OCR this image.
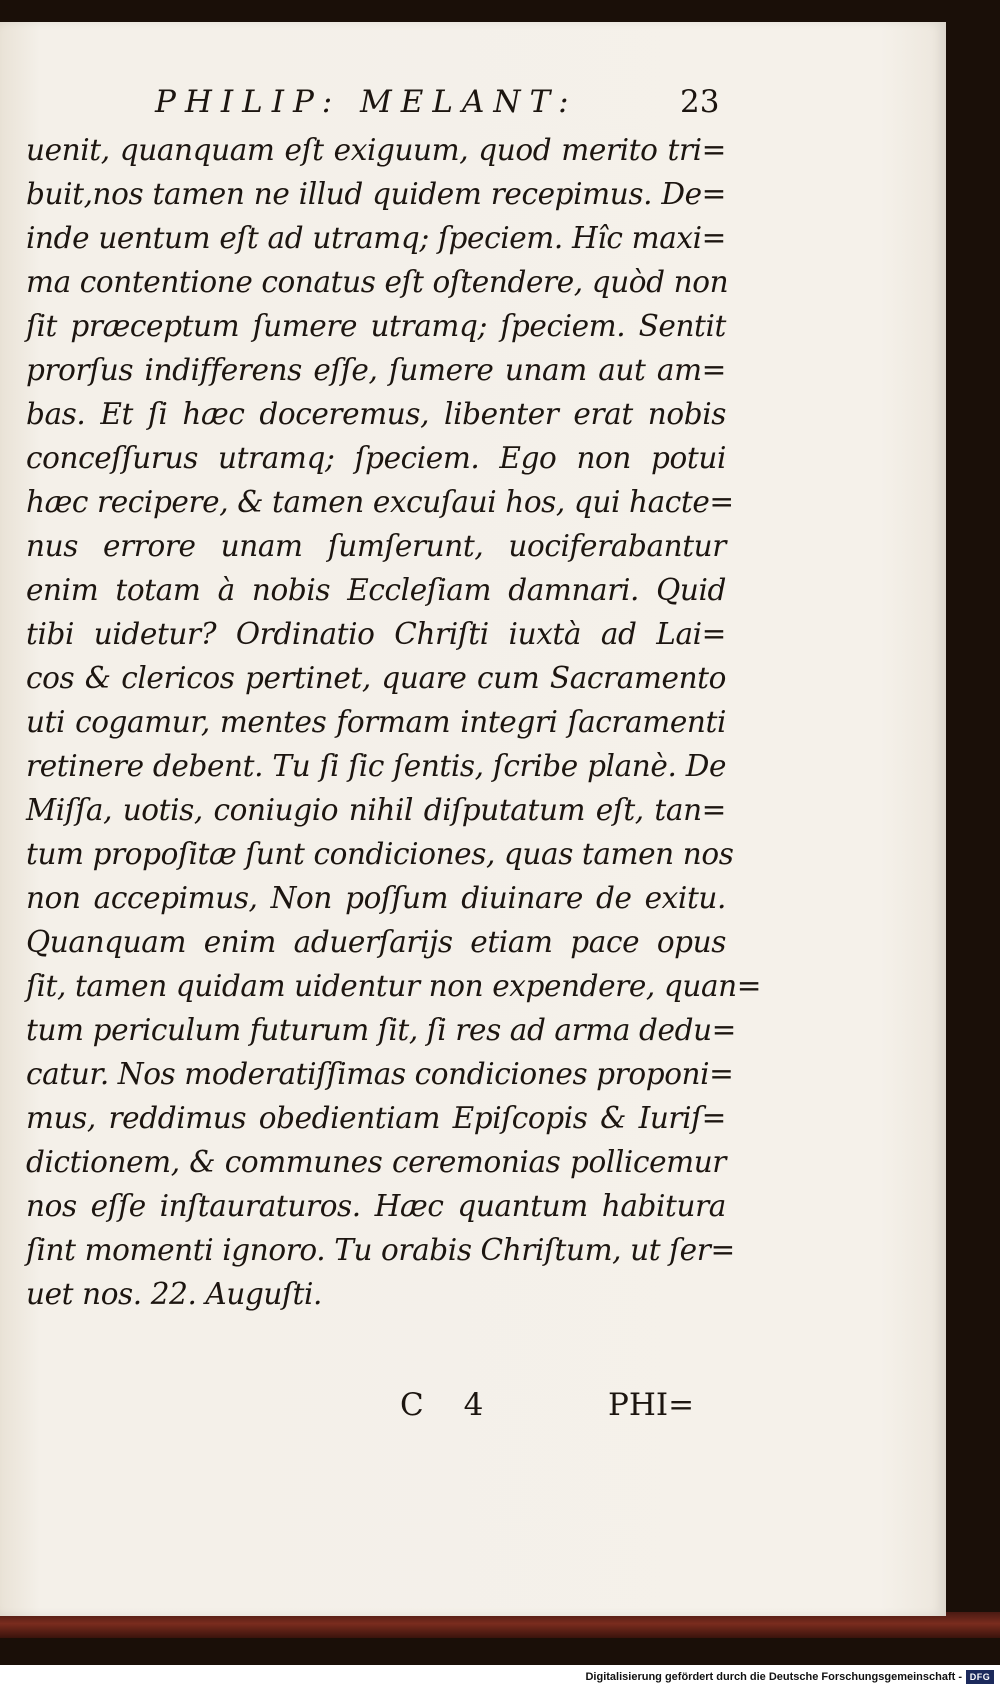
PHILIP: MELANT:	23
uenit, quanquam eſt exiguum, quod merito tri=
buit,nos tamen ne illud quidem recepimus. De=
inde uentum eſt ad utramq; ſpeciem. Hîc maxi=
ma contentione conatus eſt oſtendere, quòd non
ſit præceptum ſumere utramq; ſpeciem. Sentit
prorſus indifferens eſſe, ſumere unam aut am=
bas. Et ſi hæc doceremus, libenter erat nobis
conceſſurus utramq; ſpeciem. Ego non potui
hæc recipere, & tamen excuſaui hos, qui hacte=
nus errore unam ſumſerunt, uociferabantur
enim totam à nobis Eccleſiam damnari. Quid
tibi uidetur? Ordinatio Chriſti iuxtà ad Lai=
cos & clericos pertinet, quare cum Sacramento
uti cogamur, mentes formam integri ſacramenti
retinere debent. Tu ſi ſic ſentis, ſcribe planè. De
Miſſa, uotis, coniugio nihil diſputatum eſt, tan=
tum propoſitæ ſunt condiciones, quas tamen nos
non accepimus, Non poſſum diuinare de exitu.
Quanquam enim aduerſarijs etiam pace opus
ſit, tamen quidam uidentur non expendere, quan=
tum periculum futurum ſit, ſi res ad arma dedu=
catur. Nos moderatiſſimas condiciones proponi=
mus, reddimus obedientiam Epiſcopis & Iuriſ=
dictionem, & communes ceremonias pollicemur
nos eſſe inſtauraturos. Hæc quantum habitura
ſint momenti ignoro. Tu orabis Chriſtum, ut ſer=
uet nos. 22. Auguſti.
C 4	PHI=
Digitalisierung gefördert durch die Deutsche Forschungsgemeinschaft - DFG
